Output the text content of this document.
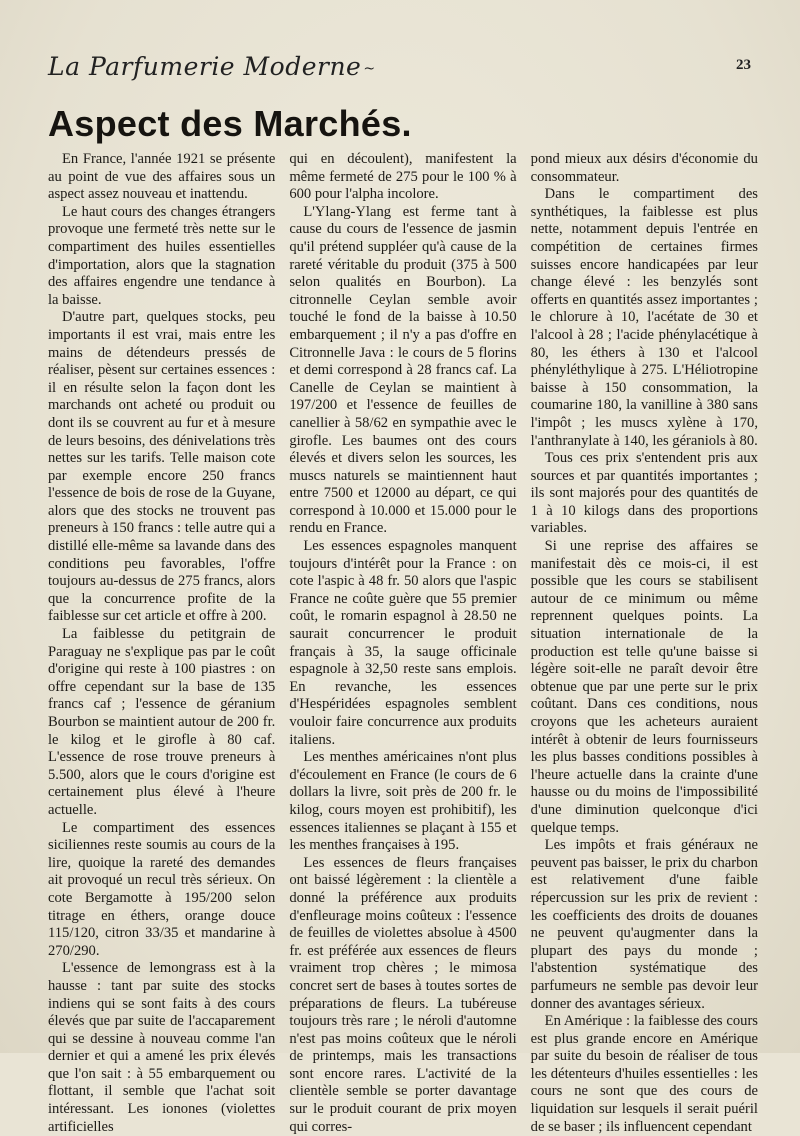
La Parfumerie Moderne ~	23
Aspect des Marchés.

En France, l'année 1921 se présente au point de vue des affaires sous un aspect assez nouveau et inattendu.

Le haut cours des changes étrangers provoque une fermeté très nette sur le compartiment des huiles essentielles d'importation, alors que la stagnation des affaires engendre une tendance à la baisse.

D'autre part, quelques stocks, peu importants il est vrai, mais entre les mains de détendeurs pressés de réaliser, pèsent sur certaines essences : il en résulte selon la façon dont les marchands ont acheté ou produit ou dont ils se couvrent au fur et à mesure de leurs besoins, des dénivelations très nettes sur les tarifs. Telle maison cote par exemple encore 250 francs l'essence de bois de rose de la Guyane, alors que des stocks ne trouvent pas preneurs à 150 francs : telle autre qui a distillé elle-même sa lavande dans des conditions peu favorables, l'offre toujours au-dessus de 275 francs, alors que la concurrence profite de la faiblesse sur cet article et offre à 200.

La faiblesse du petitgrain de Paraguay ne s'explique pas par le coût d'origine qui reste à 100 piastres : on offre cependant sur la base de 135 francs caf ; l'essence de géranium Bourbon se maintient autour de 200 fr. le kilog et le girofle à 80 caf. L'essence de rose trouve preneurs à 5.500, alors que le cours d'origine est certainement plus élevé à l'heure actuelle.

Le compartiment des essences siciliennes reste soumis au cours de la lire, quoique la rareté des demandes ait provoqué un recul très sérieux. On cote Bergamotte à 195/200 selon titrage en éthers, orange douce 115/120, citron 33/35 et mandarine à 270/290.

L'essence de lemongrass est à la hausse : tant par suite des stocks indiens qui se sont faits à des cours élevés que par suite de l'accaparement qui se dessine à nouveau comme l'an dernier et qui a amené les prix élevés que l'on sait : à 55 embarquement ou flottant, il semble que l'achat soit intéressant. Les ionones (violettes artificielles

qui en découlent), manifestent la même fermeté de 275 pour le 100 % à 600 pour l'alpha incolore.

L'Ylang-Ylang est ferme tant à cause du cours de l'essence de jasmin qu'il prétend suppléer qu'à cause de la rareté véritable du produit (375 à 500 selon qualités en Bourbon). La citronnelle Ceylan semble avoir touché le fond de la baisse à 10.50 embarquement ; il n'y a pas d'offre en Citronnelle Java : le cours de 5 florins et demi correspond à 28 francs caf. La Canelle de Ceylan se maintient à 197/200 et l'essence de feuilles de canellier à 58/62 en sympathie avec le girofle. Les baumes ont des cours élevés et divers selon les sources, les muscs naturels se maintiennent haut entre 7500 et 12000 au départ, ce qui correspond à 10.000 et 15.000 pour le rendu en France.

Les essences espagnoles manquent toujours d'intérêt pour la France : on cote l'aspic à 48 fr. 50 alors que l'aspic France ne coûte guère que 55 premier coût, le romarin espagnol à 28.50 ne saurait concurrencer le produit français à 35, la sauge officinale espagnole à 32,50 reste sans emplois. En revanche, les essences d'Hespéridées espagnoles semblent vouloir faire concurrence aux produits italiens.

Les menthes américaines n'ont plus d'écoulement en France (le cours de 6 dollars la livre, soit près de 200 fr. le kilog, cours moyen est prohibitif), les essences italiennes se plaçant à 155 et les menthes françaises à 195.

Les essences de fleurs françaises ont baissé légèrement : la clientèle a donné la préférence aux produits d'enfleurage moins coûteux : l'essence de feuilles de violettes absolue à 4500 fr. est préférée aux essences de fleurs vraiment trop chères ; le mimosa concret sert de bases à toutes sortes de préparations de fleurs. La tubéreuse toujours très rare ; le néroli d'automne n'est pas moins coûteux que le néroli de printemps, mais les transactions sont encore rares. L'activité de la clientèle semble se porter davantage sur le produit courant de prix moyen qui corres-

pond mieux aux désirs d'économie du consommateur.

Dans le compartiment des synthétiques, la faiblesse est plus nette, notamment depuis l'entrée en compétition de certaines firmes suisses encore handicapées par leur change élevé : les benzylés sont offerts en quantités assez importantes ; le chlorure à 10, l'acétate de 30 et l'alcool à 28 ; l'acide phénylacétique à 80, les éthers à 130 et l'alcool phényléthylique à 275. L'Héliotropine baisse à 150 consommation, la coumarine 180, la vanilline à 380 sans l'impôt ; les muscs xylène à 170, l'anthranylate à 140, les géraniols à 80.

Tous ces prix s'entendent pris aux sources et par quantités importantes ; ils sont majorés pour des quantités de 1 à 10 kilogs dans des proportions variables.

Si une reprise des affaires se manifestait dès ce mois-ci, il est possible que les cours se stabilisent autour de ce minimum ou même reprennent quelques points. La situation internationale de la production est telle qu'une baisse si légère soit-elle ne paraît devoir être obtenue que par une perte sur le prix coûtant. Dans ces conditions, nous croyons que les acheteurs auraient intérêt à obtenir de leurs fournisseurs les plus basses conditions possibles à l'heure actuelle dans la crainte d'une hausse ou du moins de l'impossibilité d'une diminution quelconque d'ici quelque temps.

Les impôts et frais généraux ne peuvent pas baisser, le prix du charbon est relativement d'une faible répercussion sur les prix de revient : les coefficients des droits de douanes ne peuvent qu'augmenter dans la plupart des pays du monde ; l'abstention systématique des parfumeurs ne semble pas devoir leur donner des avantages sérieux.

En Amérique : la faiblesse des cours est plus grande encore en Amérique par suite du besoin de réaliser de tous les détenteurs d'huiles essentielles : les cours ne sont que des cours de liquidation sur lesquels il serait puéril de se baser ; ils influencent cependant
